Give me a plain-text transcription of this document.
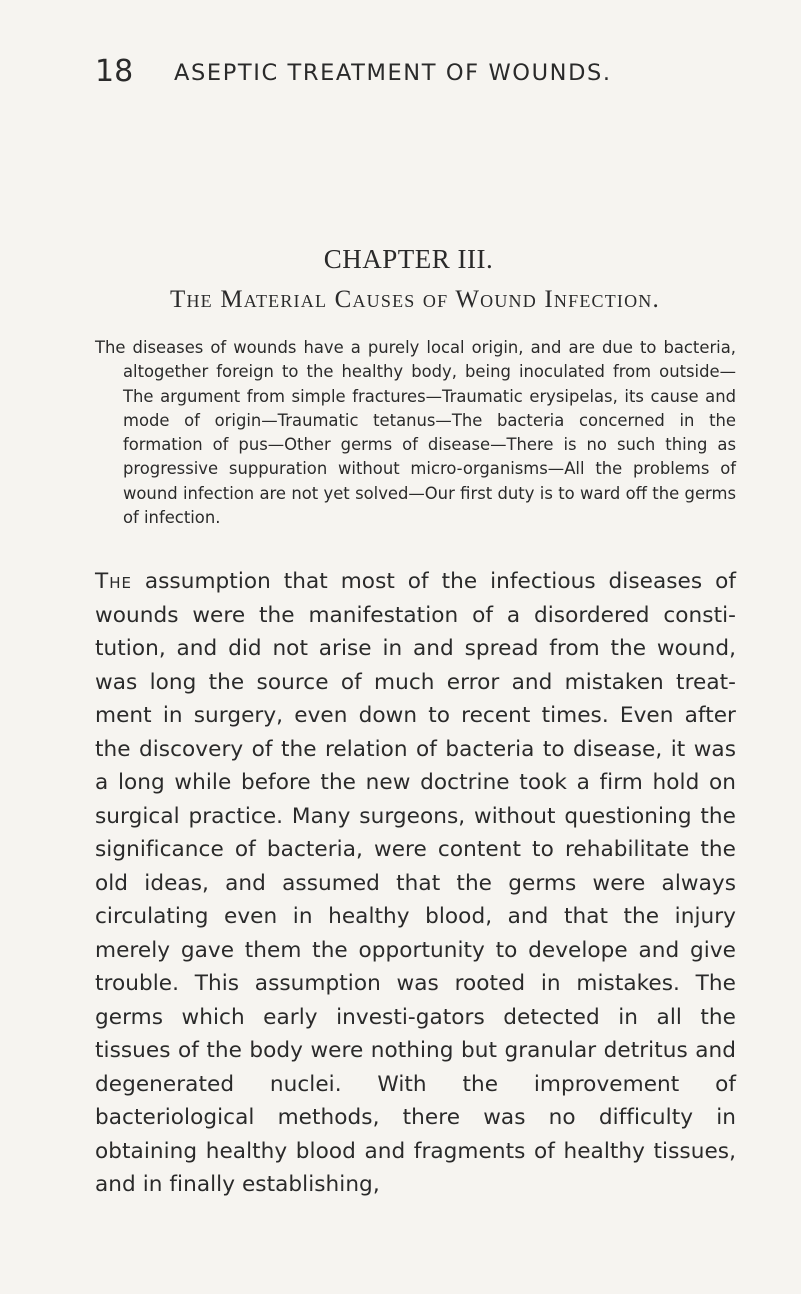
18 ASEPTIC TREATMENT OF WOUNDS.
CHAPTER III.
The Material Causes of Wound Infection.

The diseases of wounds have a purely local origin, and are due to bacteria, altogether foreign to the healthy body, being inoculated from outside—The argument from simple fractures—Traumatic erysipelas, its cause and mode of origin—Traumatic tetanus—The bacteria concerned in the formation of pus—Other germs of disease—There is no such thing as progressive suppuration without micro-organisms—All the problems of wound infection are not yet solved—Our first duty is to ward off the germs of infection.

The assumption that most of the infectious diseases of wounds were the manifestation of a disordered consti-tution, and did not arise in and spread from the wound, was long the source of much error and mistaken treat-ment in surgery, even down to recent times. Even after the discovery of the relation of bacteria to disease, it was a long while before the new doctrine took a firm hold on surgical practice. Many surgeons, without questioning the significance of bacteria, were content to rehabilitate the old ideas, and assumed that the germs were always circulating even in healthy blood, and that the injury merely gave them the opportunity to develope and give trouble. This assumption was rooted in mistakes. The germs which early investi-gators detected in all the tissues of the body were nothing but granular detritus and degenerated nuclei. With the improvement of bacteriological methods, there was no difficulty in obtaining healthy blood and fragments of healthy tissues, and in finally establishing,
